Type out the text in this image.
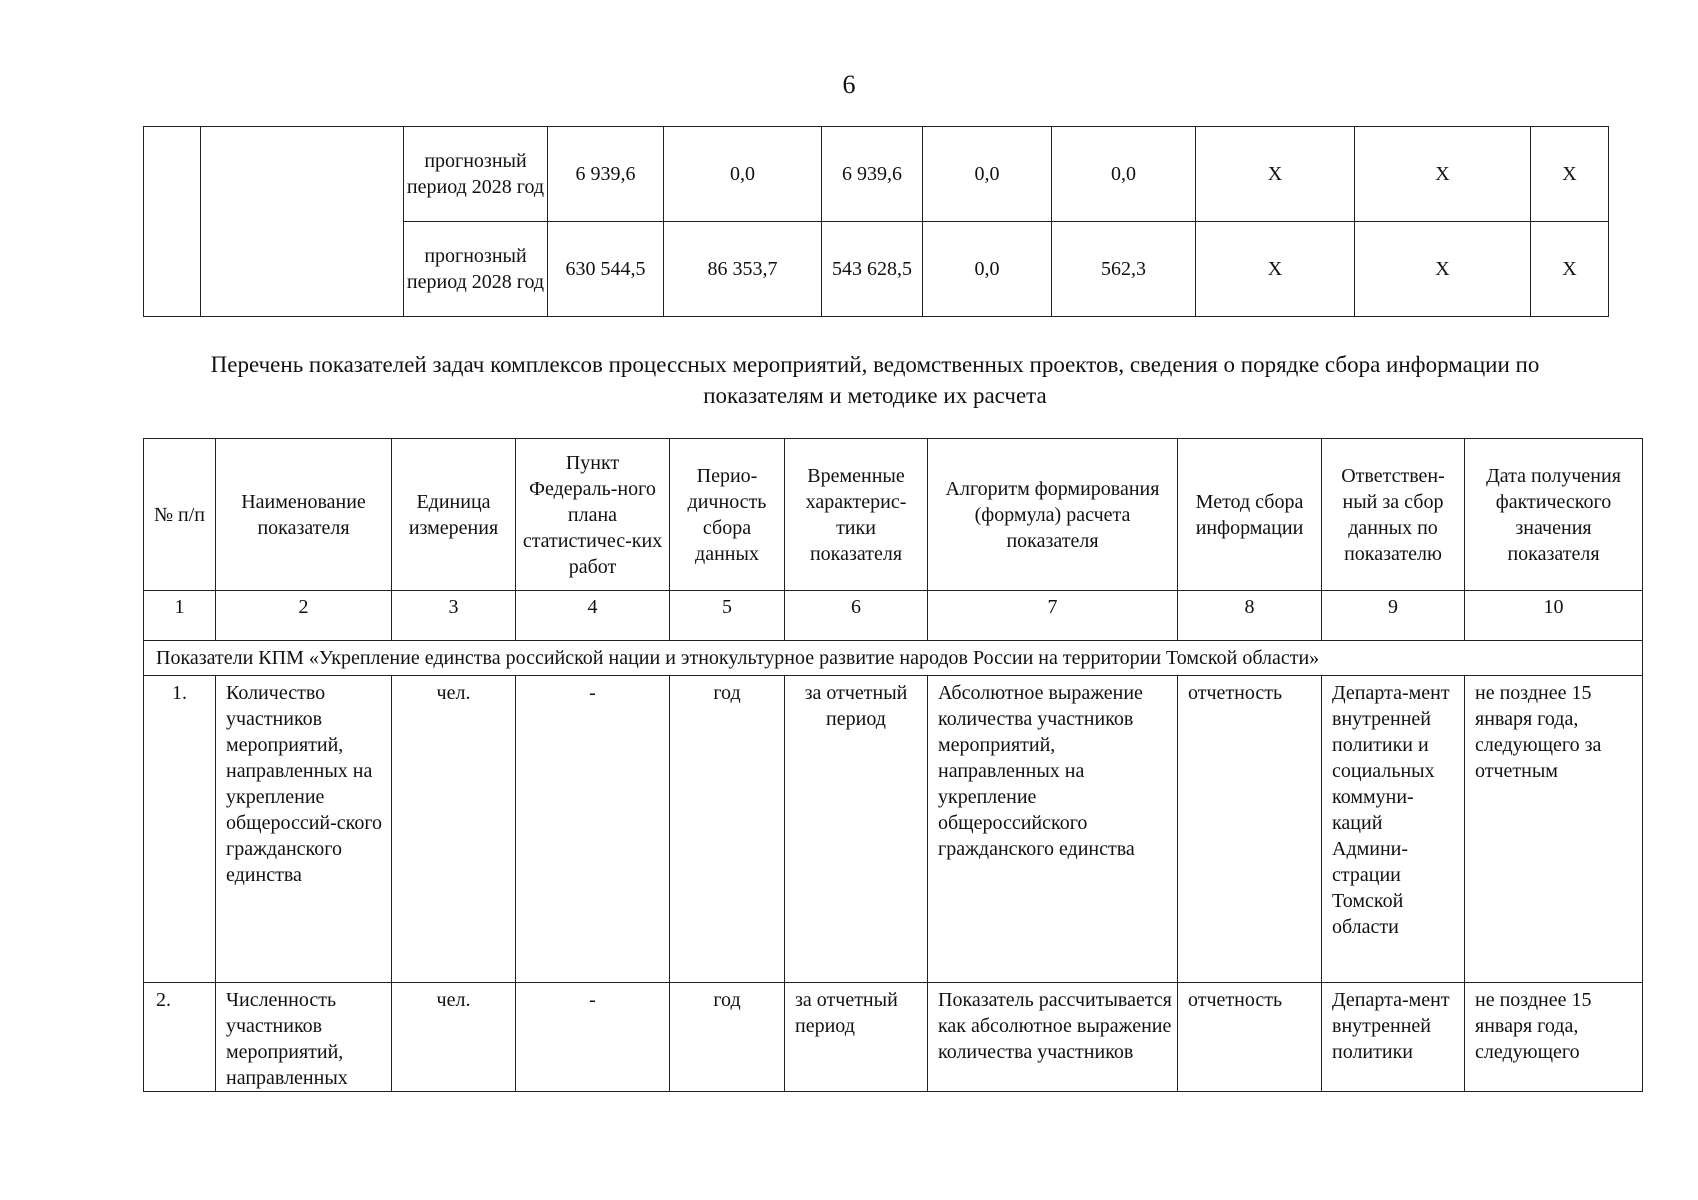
6
		прогнозный период 2028 год	6 939,6	0,0	6 939,6	0,0	0,0	X	X	X
		прогнозный период 2028 год	630 544,5	86 353,7	543 628,5	0,0	562,3	X	X	X
Перечень показателей задач комплексов процессных мероприятий, ведомственных проектов, сведения о порядке сбора информации по показателям и методике их расчета
№ п/п	Наименование показателя	Единица измерения	Пункт Федераль-ного плана статистичес-ких работ	Перио-дичность сбора данных	Временные характерис-тики показателя	Алгоритм формирования (формула) расчета показателя	Метод сбора информации	Ответствен-ный за сбор данных по показателю	Дата получения фактического значения показателя
1	2	3	4	5	6	7	8	9	10
Показатели КПМ «Укрепление единства российской нации и этнокультурное развитие народов России на территории Томской области»									
1.	Количество участников мероприятий, направленных на укрепление общероссий-ского гражданского единства	чел.	-	год	за отчетный период	Абсолютное выражение количества участников мероприятий, направленных на укрепление общероссийского гражданского единства	отчетность	Департа-мент внутренней политики и социальных коммуни-каций Админи-страции Томской области	не позднее 15 января года, следующего за отчетным
2.	Численность участников мероприятий, направленных	чел.	-	год	за отчетный период	Показатель рассчитывается как абсолютное выражение количества участников	отчетность	Департа-мент внутренней политики	не позднее 15 января года, следующего
